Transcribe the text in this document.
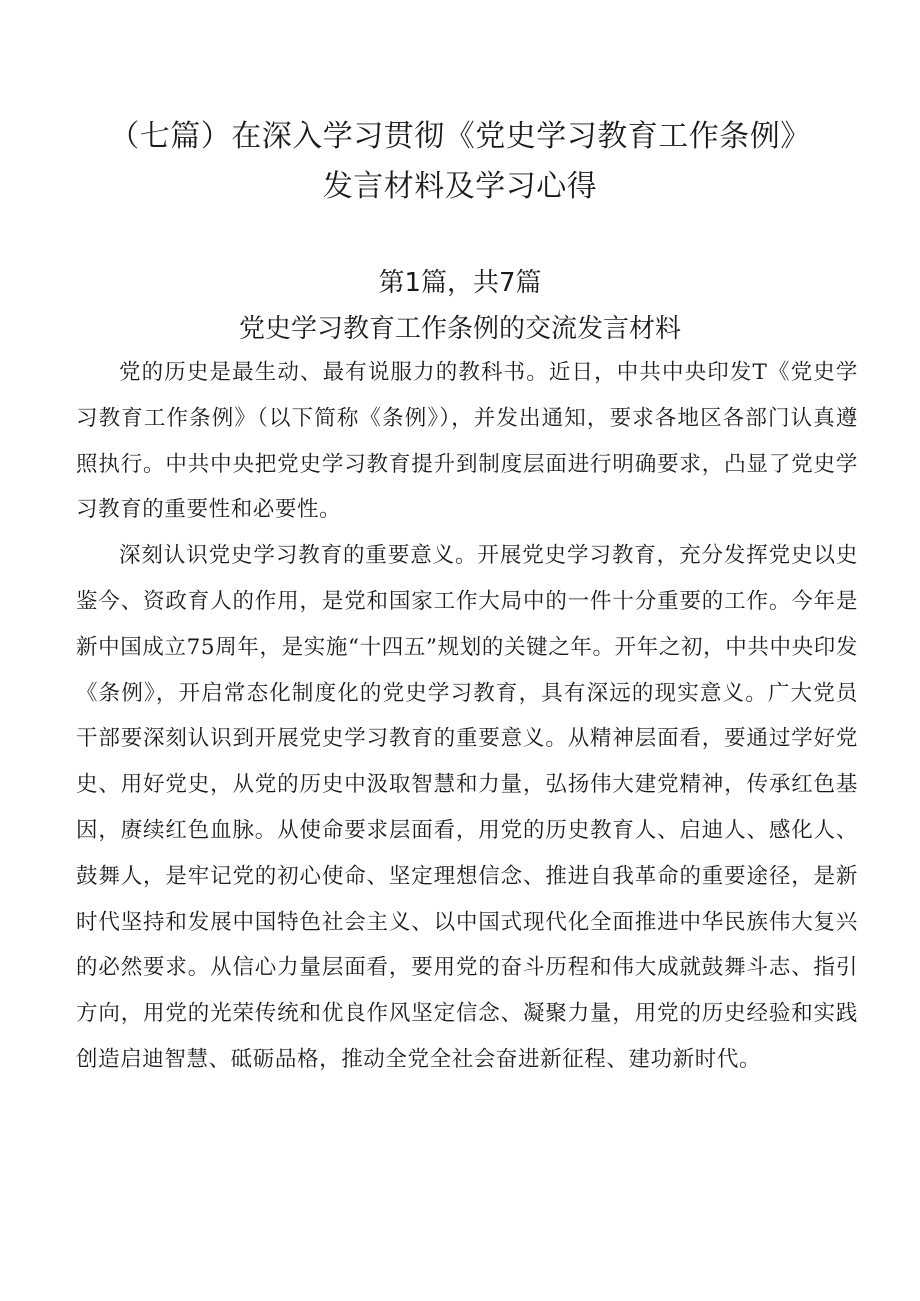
（七篇）在深入学习贯彻《党史学习教育工作条例》
发言材料及学习心得
第1篇，共7篇
党史学习教育工作条例的交流发言材料

党的历史是最生动、最有说服力的教科书。近日，中共中央印发T《党史学习教育工作条例》（以下简称《条例》），并发出通知，要求各地区各部门认真遵照执行。中共中央把党史学习教育提升到制度层面进行明确要求，凸显了党史学习教育的重要性和必要性。

深刻认识党史学习教育的重要意义。开展党史学习教育，充分发挥党史以史鉴今、资政育人的作用，是党和国家工作大局中的一件十分重要的工作。今年是新中国成立75周年，是实施“十四五”规划的关键之年。开年之初，中共中央印发《条例》，开启常态化制度化的党史学习教育，具有深远的现实意义。广大党员干部要深刻认识到开展党史学习教育的重要意义。从精神层面看，要通过学好党史、用好党史，从党的历史中汲取智慧和力量，弘扬伟大建党精神，传承红色基因，赓续红色血脉。从使命要求层面看，用党的历史教育人、启迪人、感化人、鼓舞人，是牢记党的初心使命、坚定理想信念、推进自我革命的重要途径，是新时代坚持和发展中国特色社会主义、以中国式现代化全面推进中华民族伟大复兴的必然要求。从信心力量层面看，要用党的奋斗历程和伟大成就鼓舞斗志、指引方向，用党的光荣传统和优良作风坚定信念、凝聚力量，用党的历史经验和实践创造启迪智慧、砥砺品格，推动全党全社会奋进新征程、建功新时代。
